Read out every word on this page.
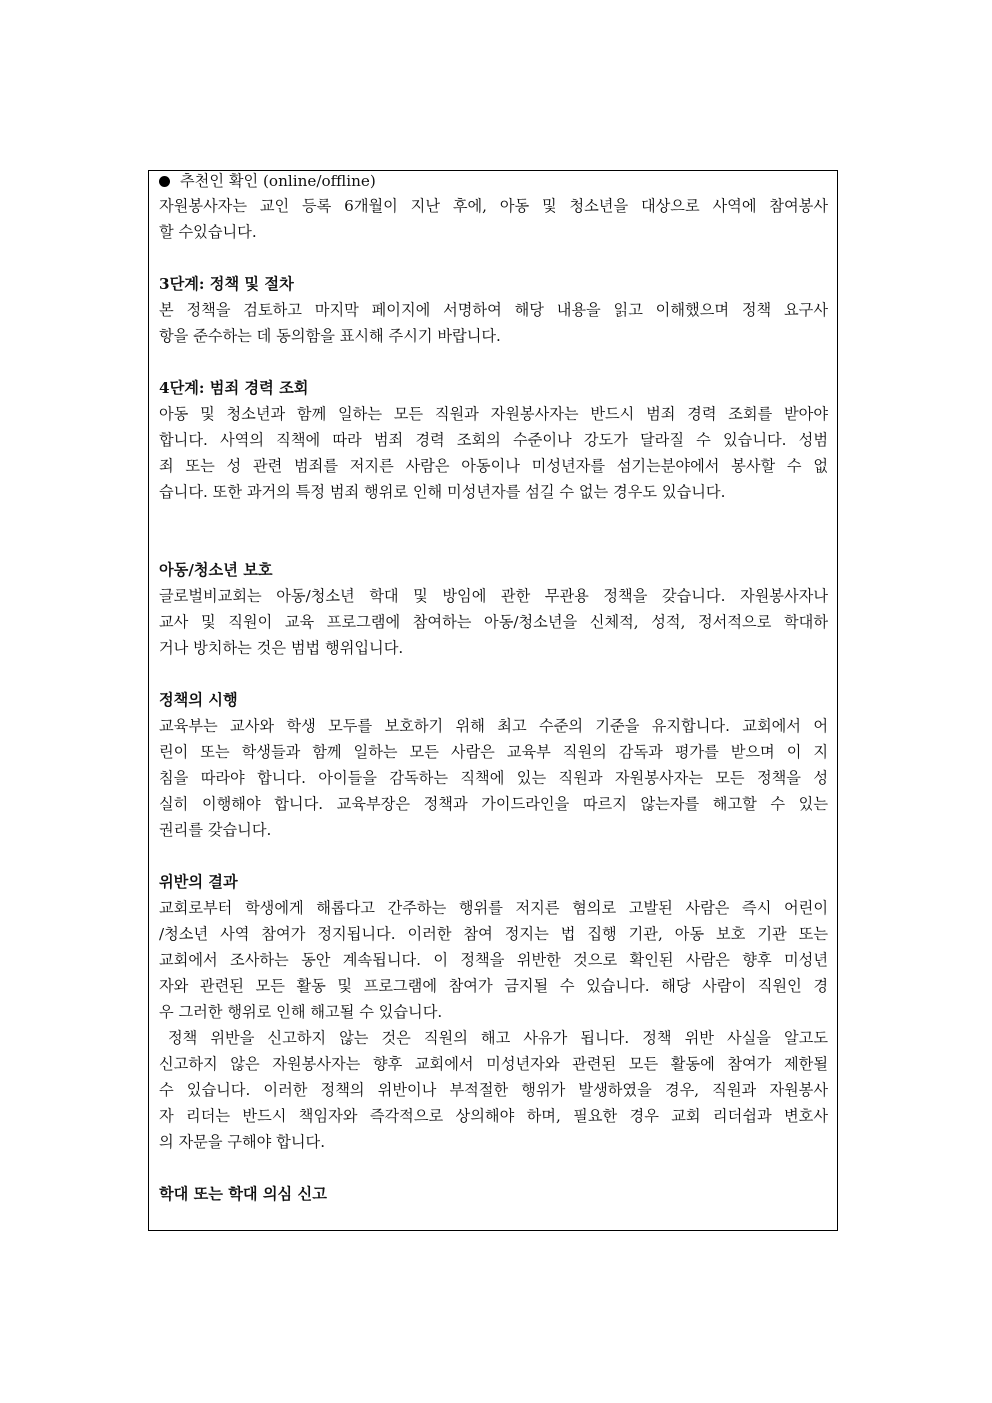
추천인 확인 (online/offline)
자원봉사자는 교인 등록 6개월이 지난 후에, 아동 및 청소년을 대상으로 사역에 참여봉사
할 수있습니다.
3단계: 정책 및 절차
본 정책을 검토하고 마지막 페이지에 서명하여 해당 내용을 읽고 이해했으며 정책 요구사
항을 준수하는 데 동의함을 표시해 주시기 바랍니다.
4단계: 범죄 경력 조회
아동 및 청소년과 함께 일하는 모든 직원과 자원봉사자는 반드시 범죄 경력 조회를 받아야
합니다. 사역의 직책에 따라 범죄 경력 조회의 수준이나 강도가 달라질 수 있습니다. 성범
죄 또는 성 관련 범죄를 저지른 사람은 아동이나 미성년자를 섬기는분야에서 봉사할 수 없
습니다. 또한 과거의 특정 범죄 행위로 인해 미성년자를 섬길 수 없는 경우도 있습니다.
아동/청소년 보호
글로벌비교회는 아동/청소년 학대 및 방임에 관한 무관용 정책을 갖습니다. 자원봉사자나
교사 및 직원이 교육 프로그램에 참여하는 아동/청소년을 신체적, 성적, 정서적으로 학대하
거나 방치하는 것은 범법 행위입니다.
정책의 시행
교육부는 교사와 학생 모두를 보호하기 위해 최고 수준의 기준을 유지합니다. 교회에서 어
린이 또는 학생들과 함께 일하는 모든 사람은 교육부 직원의 감독과 평가를 받으며 이 지
침을 따라야 합니다. 아이들을 감독하는 직책에 있는 직원과 자원봉사자는 모든 정책을 성
실히 이행해야 합니다. 교육부장은 정책과 가이드라인을 따르지 않는자를 해고할 수 있는
권리를 갖습니다.
위반의 결과
교회로부터 학생에게 해롭다고 간주하는 행위를 저지른 혐의로 고발된 사람은 즉시 어린이
/청소년 사역 참여가 정지됩니다. 이러한 참여 정지는 법 집행 기관, 아동 보호 기관 또는
교회에서 조사하는 동안 계속됩니다. 이 정책을 위반한 것으로 확인된 사람은 향후 미성년
자와 관련된 모든 활동 및 프로그램에 참여가 금지될 수 있습니다. 해당 사람이 직원인 경
우 그러한 행위로 인해 해고될 수 있습니다.
정책 위반을 신고하지 않는 것은 직원의 해고 사유가 됩니다. 정책 위반 사실을 알고도
신고하지 않은 자원봉사자는 향후 교회에서 미성년자와 관련된 모든 활동에 참여가 제한될
수 있습니다. 이러한 정책의 위반이나 부적절한 행위가 발생하였을 경우, 직원과 자원봉사
자 리더는 반드시 책임자와 즉각적으로 상의해야 하며, 필요한 경우 교회 리더쉽과 변호사
의 자문을 구해야 합니다.
학대 또는 학대 의심 신고
